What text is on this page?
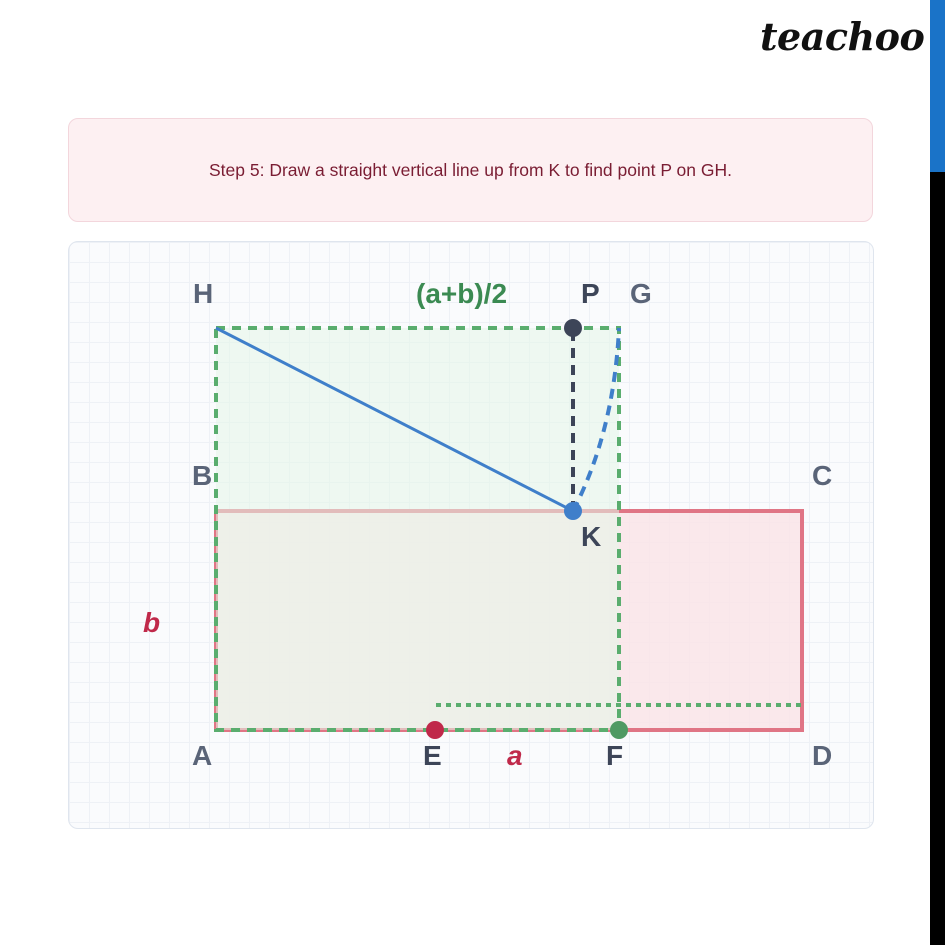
teachoo
Step 5: Draw a straight vertical line up from K to find point P on GH.
H	P G
(a+b)/2
B	C
K
b
A	E a	F	D
